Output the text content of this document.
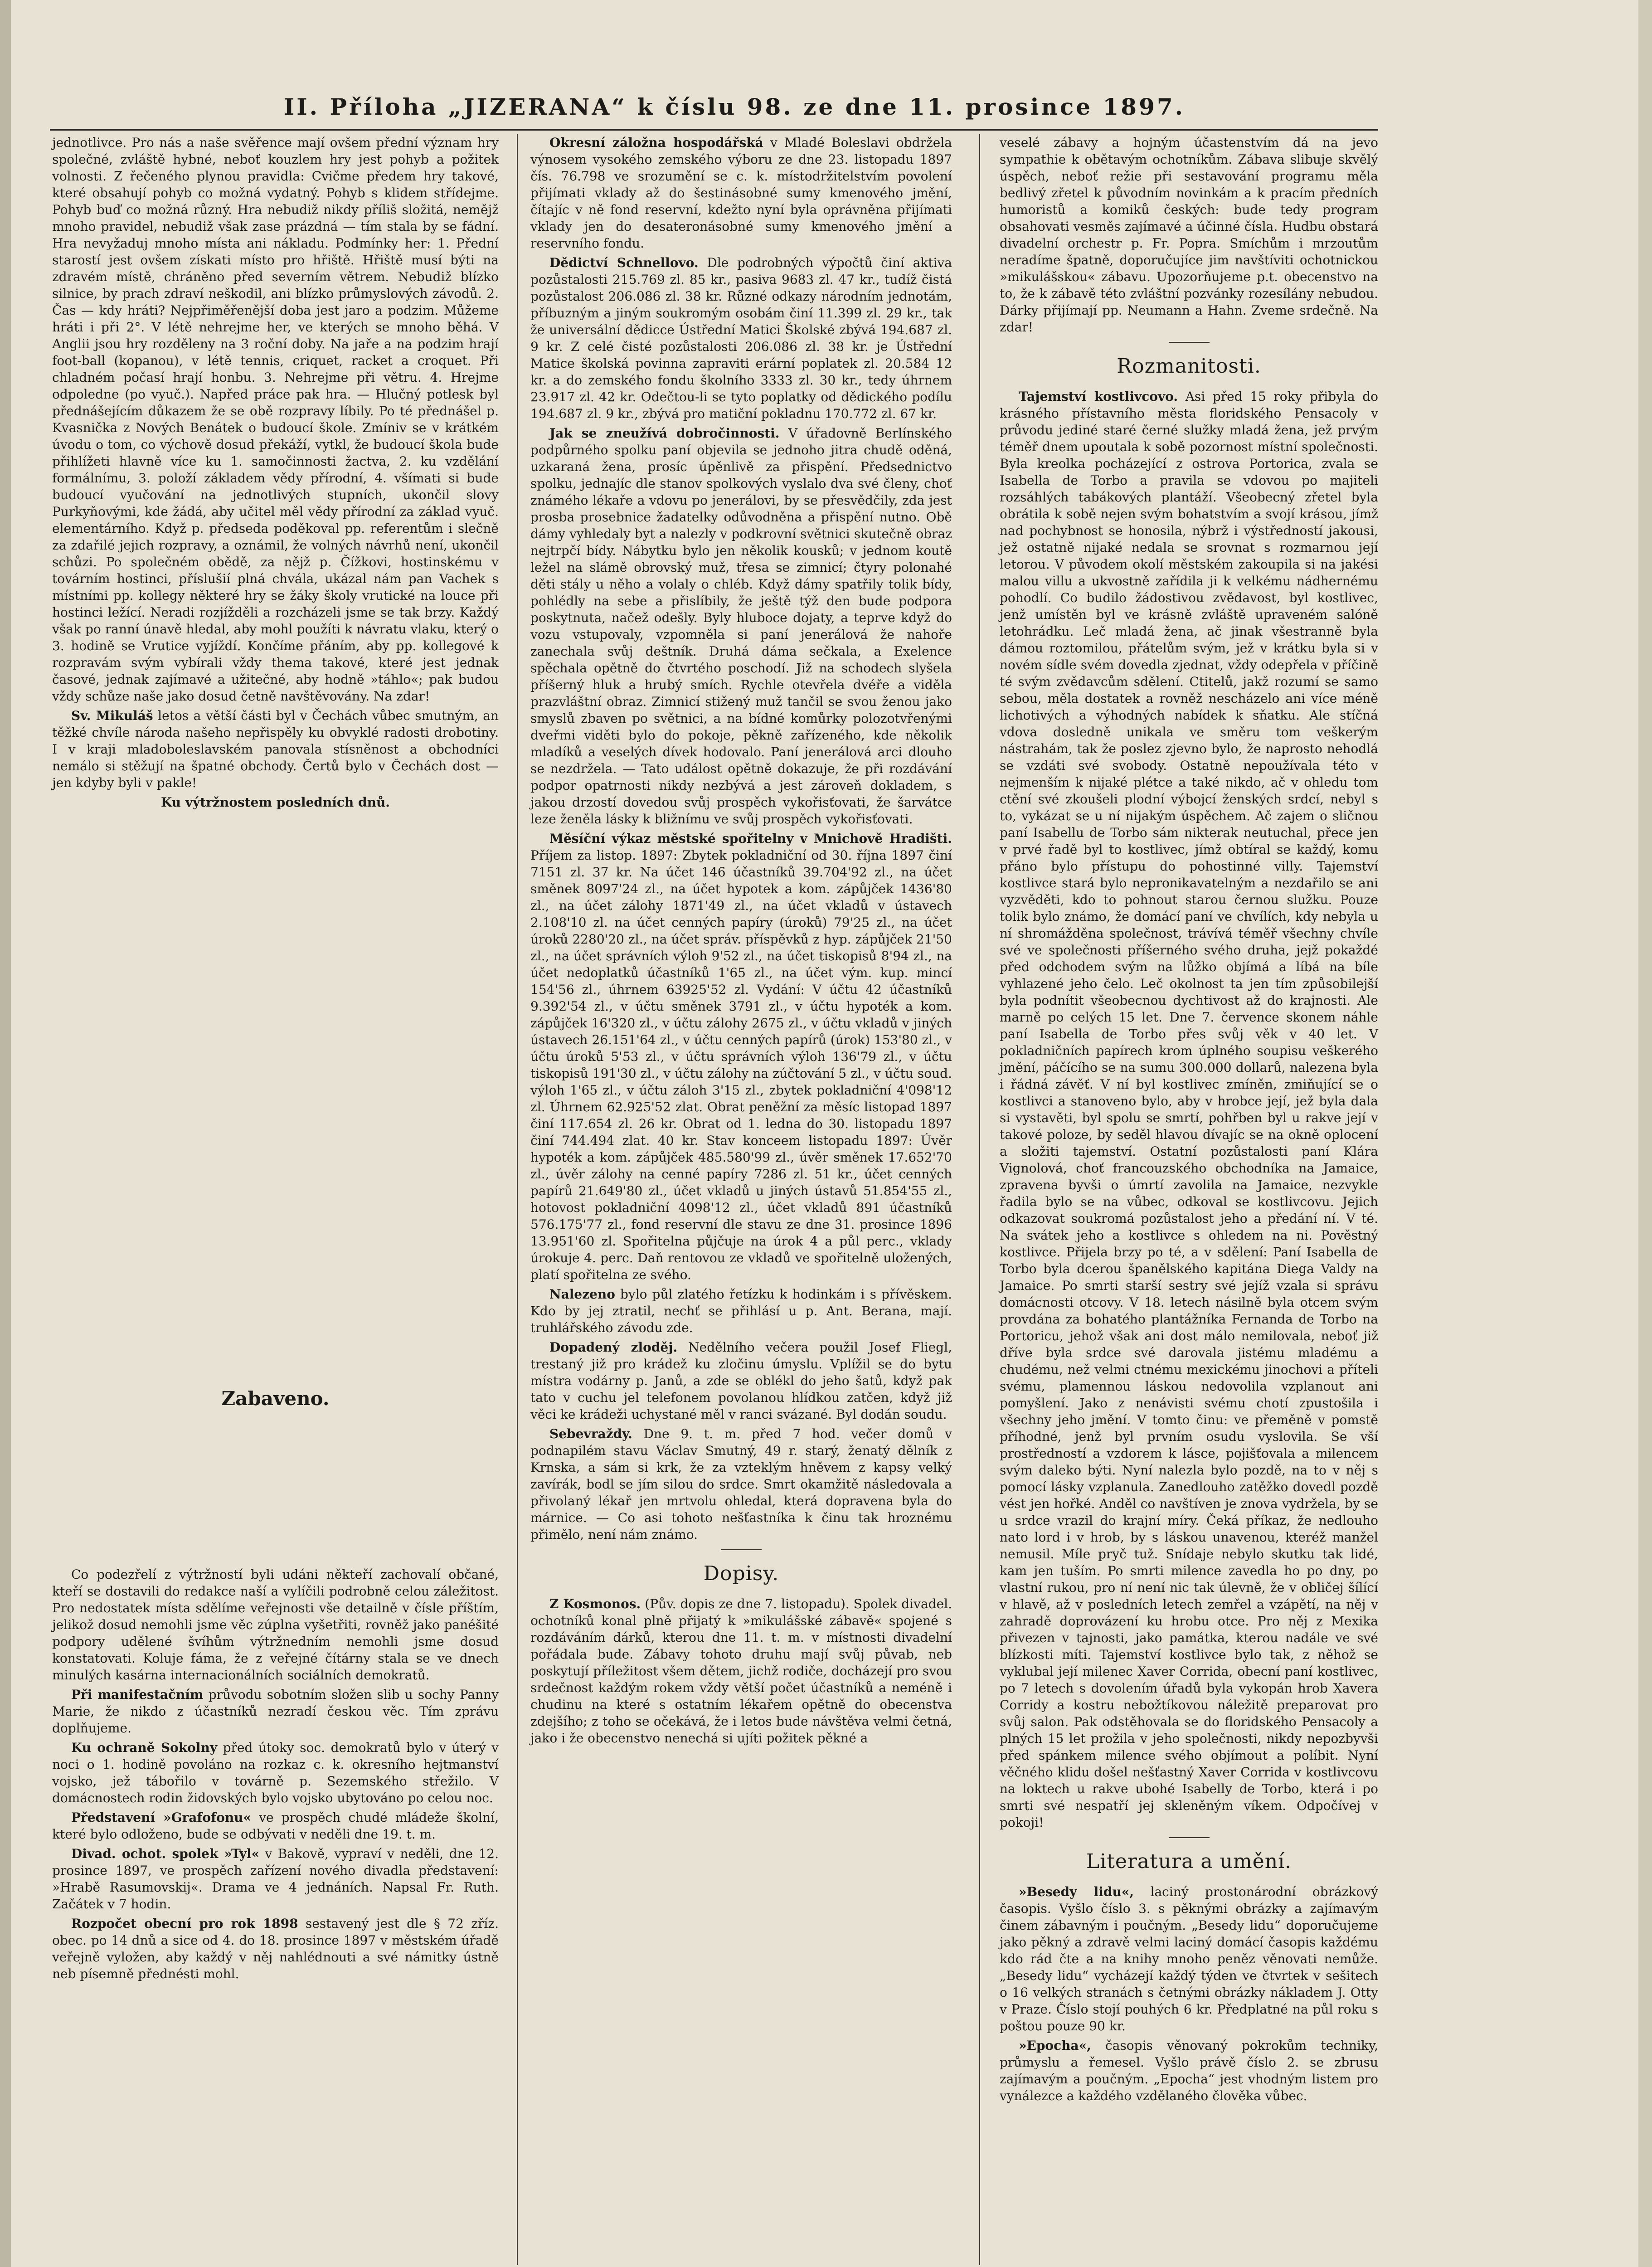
II. Příloha „JIZERANA“ k číslu 98. ze dne 11. prosince 1897.

jednotlivce. Pro nás a naše svěřence mají ovšem přední význam hry společné, zvláště hybné, neboť kouzlem hry jest pohyb a požitek volnosti. Z řečeného plynou pravidla: Cvičme předem hry takové, které obsahují pohyb co možná vydatný. Pohyb s klidem střídejme. Pohyb buď co možná různý. Hra nebudiž nikdy příliš složitá, nemějž mnoho pravidel, nebudiž však zase prázdná — tím stala by se fádní. Hra nevyžaduj mnoho místa ani nákladu. Podmínky her: 1. Přední starostí jest ovšem získati místo pro hřiště. Hřiště musí býti na zdravém místě, chráněno před severním větrem. Nebudiž blízko silnice, by prach zdraví neškodil, ani blízko průmyslových závodů. 2. Čas — kdy hráti? Nejpřiměřenější doba jest jaro a podzim. Můžeme hráti i při 2°. V létě nehrejme her, ve kterých se mnoho běhá. V Anglii jsou hry rozděleny na 3 roční doby. Na jaře a na podzim hrají foot-ball (kopanou), v létě tennis, criquet, racket a croquet. Při chladném počasí hrají honbu. 3. Nehrejme při větru. 4. Hrejme odpoledne (po vyuč.). Napřed práce pak hra. — Hlučný potlesk byl přednášejícím důkazem že se obě rozpravy líbily. Po té přednášel p. Kvasnička z Nových Benátek o budoucí škole. Zmíniv se v krátkém úvodu o tom, co výchově dosud překáží, vytkl, že budoucí škola bude přihlížeti hlavně více ku 1. samočinnosti žactva, 2. ku vzdělání formálnímu, 3. položí základem vědy přírodní, 4. všímati si bude budoucí vyučování na jednotlivých stupních, ukončil slovy Purkyňovými, kde žádá, aby učitel měl vědy přírodní za základ vyuč. elementárního. Když p. předseda poděkoval pp. referentům i slečně za zdařilé jejich rozpravy, a oznámil, že volných návrhů není, ukončil schůzi. Po společném obědě, za nějž p. Čížkovi, hostinskému v továrním hostinci, příslušií plná chvála, ukázal nám pan Vachek s místními pp. kollegy některé hry se žáky školy vrutické na louce při hostinci ležící. Neradi rozjížděli a rozcházeli jsme se tak brzy. Každý však po ranní únavě hledal, aby mohl použíti k návratu vlaku, který o 3. hodině se Vrutice vyjíždí. Končíme přáním, aby pp. kollegové k rozpravám svým vybírali vždy thema takové, které jest jednak časové, jednak zajímavé a užitečné, aby hodně »táhlo«; pak budou vždy schůze naše jako dosud četně navštěvovány. Na zdar!

Sv. Mikuláš letos a větší části byl v Čechách vůbec smutným, an těžké chvíle národa našeho nepřispěly ku obvyklé radosti drobotiny. I v kraji mladoboleslavském panovala stísněnost a obchodníci nemálo si stěžují na špatné obchody. Čertů bylo v Čechách dost — jen kdyby byli v pakle!

Ku výtržnostem posledních dnů.

Co podezřelí z výtržností byli udáni někteří zachovalí občané, kteří se dostavili do redakce naší a vylíčili podrobně celou záležitost. Pro nedostatek místa sdělíme veřejnosti vše detailně v čísle příštím, jelikož dosud nemohli jsme věc zúplna vyšetřiti, rovněž jako panéšité podpory udělené švíhům výtržnedním nemohli jsme dosud konstatovati. Koluje fáma, že z veřejné čítárny stala se ve dnech minulých kasárna internacionálních sociálních demokratů.

Při manifestačním průvodu sobotním složen slib u sochy Panny Marie, že nikdo z účastníků nezradí českou věc. Tím zprávu doplňujeme.

Ku ochraně Sokolny před útoky soc. demokratů bylo v úterý v noci o 1. hodině povoláno na rozkaz c. k. okresního hejtmanství vojsko, jež tábořilo v továrně p. Sezemského střežilo. V domácnostech rodin židovských bylo vojsko ubytováno po celou noc.

Představení »Grafofonu« ve prospěch chudé mládeže školní, které bylo odloženo, bude se odbývati v neděli dne 19. t. m.

Divad. ochot. spolek »Tyl« v Bakově, vypraví v neděli, dne 12. prosince 1897, ve prospěch zařízení nového divadla představení: »Hrabě Rasumovskij«. Drama ve 4 jednáních. Napsal Fr. Ruth. Začátek v 7 hodin.

Rozpočet obecní pro rok 1898 sestavený jest dle § 72 zříz. obec. po 14 dnů a sice od 4. do 18. prosince 1897 v městském úřadě veřejně vyložen, aby každý v něj nahlédnouti a své námitky ústně neb písemně přednésti mohl.

Zabaveno.

Okresní záložna hospodářská v Mladé Boleslavi obdržela výnosem vysokého zemského výboru ze dne 23. listopadu 1897 čís. 76.798 ve srozumění se c. k. místodržitelstvím povolení přijímati vklady až do šestinásobné sumy kmenového jmění, čítajíc v ně fond reservní, kdežto nyní byla oprávněna přijímati vklady jen do desateronásobné sumy kmenového jmění a reservního fondu.

Dědictví Schnellovo. Dle podrobných výpočtů činí aktiva pozůstalosti 215.769 zl. 85 kr., pasiva 9683 zl. 47 kr., tudíž čistá pozůstalost 206.086 zl. 38 kr. Různé odkazy národním jednotám, příbuzným a jiným soukromým osobám činí 11.399 zl. 29 kr., tak že universální dědicce Ústřední Matici Školské zbývá 194.687 zl. 9 kr. Z celé čisté pozůstalosti 206.086 zl. 38 kr. je Ústřední Matice školská povinna zapraviti erární poplatek zl. 20.584 12 kr. a do zemského fondu školního 3333 zl. 30 kr., tedy úhrnem 23.917 zl. 42 kr. Odečtou-li se tyto poplatky od dědického podílu 194.687 zl. 9 kr., zbývá pro matiční pokladnu 170.772 zl. 67 kr.

Jak se zneužívá dobročinnosti. V úřadovně Berlínského podpůrného spolku paní objevila se jednoho jitra chudě oděná, uzkaraná žena, prosíc úpěnlivě za přispění. Předsednictvo spolku, jednajíc dle stanov spolkových vyslalo dva své členy, choť známého lékaře a vdovu po jenerálovi, by se přesvědčily, zda jest prosba prosebnice žadatelky odůvodněna a přispění nutno. Obě dámy vyhledaly byt a nalezly v podkrovní světnici skutečně obraz nejtrpčí bídy. Nábytku bylo jen několik kousků; v jednom koutě ležel na slámě obrovský muž, třesa se zimnicí; čtyry polonahé děti stály u něho a volaly o chléb. Když dámy spatřily tolik bídy, pohlédly na sebe a přislíbily, že ještě týž den bude podpora poskytnuta, načež odešly. Byly hluboce dojaty, a teprve když do vozu vstupovaly, vzpomněla si paní jenerálová že nahoře zanechala svůj deštník. Druhá dáma sečkala, a Exelence spěchala opětně do čtvrtého poschodí. Již na schodech slyšela příšerný hluk a hrubý smích. Rychle otevřela dvéře a viděla prazvláštní obraz. Zimnicí stižený muž tančil se svou ženou jako smyslů zbaven po světnici, a na bídné komůrky polozotvřenými dveřmi viděti bylo do pokoje, pěkně zařízeného, kde několik mladíků a veselých dívek hodovalo. Paní jenerálová arci dlouho se nezdržela. — Tato událost opětně dokazuje, že při rozdávání podpor opatrnosti nikdy nezbývá a jest zároveň dokladem, s jakou drzostí dovedou svůj prospěch vykořisťovati, že šarvátce leze ženěla lásky k bližnímu ve svůj prospěch vykořisťovati.

Měsíční výkaz městské spořitelny v Mnichově Hradišti. Příjem za listop. 1897: Zbytek pokladniční od 30. října 1897 činí 7151 zl. 37 kr. Na účet 146 účastníků 39.704'92 zl., na účet směnek 8097'24 zl., na účet hypotek a kom. zápůjček 1436'80 zl., na účet zálohy 1871'49 zl., na účet vkladů v ústavech 2.108'10 zl. na účet cenných papíry (úroků) 79'25 zl., na účet úroků 2280'20 zl., na účet správ. příspěvků z hyp. zápůjček 21'50 zl., na účet správních výloh 9'52 zl., na účet tiskopisů 8'94 zl., na účet nedoplatků účastníků 1'65 zl., na účet vým. kup. mincí 154'56 zl., úhrnem 63925'52 zl. Vydání: V účtu 42 účastníků 9.392'54 zl., v účtu směnek 3791 zl., v účtu hypoték a kom. zápůjček 16'320 zl., v účtu zálohy 2675 zl., v účtu vkladů v jiných ústavech 26.151'64 zl., v účtu cenných papírů (úrok) 153'80 zl., v účtu úroků 5'53 zl., v účtu správních výloh 136'79 zl., v účtu tiskopisů 191'30 zl., v účtu zálohy na zúčtování 5 zl., v účtu soud. výloh 1'65 zl., v účtu záloh 3'15 zl., zbytek pokladniční 4'098'12 zl. Úhrnem 62.925'52 zlat. Obrat peněžní za měsíc listopad 1897 činí 117.654 zl. 26 kr. Obrat od 1. ledna do 30. listopadu 1897 činí 744.494 zlat. 40 kr. Stav konceem listopadu 1897: Úvěr hypoték a kom. zápůjček 485.580'99 zl., úvěr směnek 17.652'70 zl., úvěr zálohy na cenné papíry 7286 zl. 51 kr., účet cenných papírů 21.649'80 zl., účet vkladů u jiných ústavů 51.854'55 zl., hotovost pokladniční 4098'12 zl., účet vkladů 891 účastníků 576.175'77 zl., fond reservní dle stavu ze dne 31. prosince 1896 13.951'60 zl. Spořitelna půjčuje na úrok 4 a půl perc., vklady úrokuje 4. perc. Daň rentovou ze vkladů ve spořitelně uložených, platí spořitelna ze svého.

Nalezeno bylo půl zlatého řetízku k hodinkám i s přívěskem. Kdo by jej ztratil, nechť se přihlásí u p. Ant. Berana, mají. truhlářského závodu zde.

Dopadený zloděj. Nedělního večera použil Josef Fliegl, trestaný již pro krádež ku zločinu úmyslu. Vplížil se do bytu místra vodárny p. Janů, a zde se oblékl do jeho šatů, když pak tato v cuchu jel telefonem povolanou hlídkou zatčen, když již věci ke krádeži uchystané měl v ranci svázané. Byl dodán soudu.

Sebevraždy. Dne 9. t. m. před 7 hod. večer domů v podnapilém stavu Václav Smutný, 49 r. starý, ženatý dělník z Krnska, a sám si krk, že za vzteklým hněvem z kapsy velký zavírák, bodl se jím silou do srdce. Smrt okamžitě následovala a přivolaný lékař jen mrtvolu ohledal, která dopravena byla do márnice. — Co asi tohoto nešťastníka k činu tak hroznému přimělo, není nám známo.

Dopisy.

Z Kosmonos. (Pův. dopis ze dne 7. listopadu). Spolek divadel. ochotníků konal plně přijatý k »mikulášské zábavě« spojené s rozdáváním dárků, kterou dne 11. t. m. v místnosti divadelní pořádala bude. Zábavy tohoto druhu mají svůj půvab, neb poskytují příležitost všem dětem, jichž rodiče, docházejí pro svou srdečnost každým rokem vždy větší počet účastníků a neméně i chudinu na které s ostatním lékařem opětně do obecenstva zdejšího; z toho se očekává, že i letos bude návštěva velmi četná, jako i že obecenstvo nenechá si ujíti požitek pěkné a

veselé zábavy a hojným účastenstvím dá na jevo sympathie k obětavým ochotníkům. Zábava slibuje skvělý úspěch, neboť režie při sestavování programu měla bedlivý zřetel k původním novinkám a k pracím předních humoristů a komiků českých: bude tedy program obsahovati vesměs zajímavé a účinné čísla. Hudbu obstará divadelní orchestr p. Fr. Popra. Smíchům i mrzoutům neradíme špatně, doporučujíce jim navštíviti ochotnickou »mikulášskou« zábavu. Upozorňujeme p.t. obecenstvo na to, že k zábavě této zvláštní pozvánky rozesílány nebudou. Dárky přijímají pp. Neumann a Hahn. Zveme srdečně. Na zdar!

Rozmanitosti.

Tajemství kostlivcovo. Asi před 15 roky přibyla do krásného přístavního města floridského Pensacoly v průvodu jediné staré černé služky mladá žena, jež prvým téměř dnem upoutala k sobě pozornost místní společnosti. Byla kreolka pocházející z ostrova Portorica, zvala se Isabella de Torbo a pravila se vdovou po majiteli rozsáhlých tabákových plantáží. Všeobecný zřetel byla obrátila k sobě nejen svým bohatstvím a svojí krásou, jímž nad pochybnost se honosila, nýbrž i výstředností jakousi, jež ostatně nijaké nedala se srovnat s rozmarnou její letorou. V původem okolí městském zakoupila si na jakési malou villu a ukvostně zařídila ji k velkému nádhernému pohodlí. Co budilo žádostivou zvědavost, byl kostlivec, jenž umístěn byl ve krásně zvláště upraveném salóně letohrádku. Leč mladá žena, ač jinak všestranně byla dámou roztomilou, přátelům svým, jež v krátku byla si v novém sídle svém dovedla zjednat, vždy odepřela v příčině té svým zvědavcům sdělení. Ctitelů, jakž rozumí se samo sebou, měla dostatek a rovněž nescházelo ani více méně lichotivých a výhodných nabídek k sňatku. Ale stíčná vdova dosledně unikala ve směru tom veškerým nástrahám, tak že poslez zjevno bylo, že naprosto nehodlá se vzdáti své svobody. Ostatně nepoužívala této v nejmenším k nijaké plétce a také nikdo, ač v ohledu tom ctění své zkoušeli plodní výbojcí ženských srdcí, nebyl s to, vykázat se u ní nijakým úspěchem. Ač zajem o sličnou paní Isabellu de Torbo sám nikterak neutuchal, přece jen v prvé řadě byl to kostlivec, jímž obtíral se každý, komu přáno bylo přístupu do pohostinné villy. Tajemství kostlivce stará bylo nepronikavatelným a nezdařilo se ani vyzvěděti, kdo to pohnout starou černou služku. Pouze tolik bylo známo, že domácí paní ve chvílích, kdy nebyla u ní shromážděna společnost, trávívá téměř všechny chvíle své ve společnosti příšerného svého druha, jejž pokaždé před odchodem svým na lůžko objímá a líbá na bíle vyhlazené jeho čelo. Leč okolnost ta jen tím způsobilejší byla podnítit všeobecnou dychtivost až do krajnosti. Ale marně po celých 15 let. Dne 7. července skonem náhle paní Isabella de Torbo přes svůj věk v 40 let. V pokladničních papírech krom úplného soupisu veškerého jmění, páčícího se na sumu 300.000 dollarů, nalezena byla i řádná závěť. V ní byl kostlivec zmíněn, zmiňující se o kostlivci a stanoveno bylo, aby v hrobce její, jež byla dala si vystavěti, byl spolu se smrtí, pohřben byl u rakve její v takové poloze, by seděl hlavou dívajíc se na okně oplocení a složiti tajemství. Ostatní pozůstalosti paní Klára Vignolová, choť francouzského obchodníka na Jamaice, zpravena byvši o úmrtí zavolila na Jamaice, nezvykle řadila bylo se na vůbec, odkoval se kostlivcovu. Jejich odkazovat soukromá pozůstalost jeho a předání ní. V té. Na svátek jeho a kostlivce s ohledem na ni. Pověstný kostlivce. Přijela brzy po té, a v sdělení: Paní Isabella de Torbo byla dcerou španělského kapitána Diega Valdy na Jamaice. Po smrti starší sestry své jejíž vzala si správu domácnosti otcovy. V 18. letech násilně byla otcem svým provdána za bohatého plantážníka Fernanda de Torbo na Portoricu, jehož však ani dost málo nemilovala, neboť již dříve byla srdce své darovala jistému mladému a chudému, než velmi ctnému mexickému jinochovi a příteli svému, plamennou láskou nedovolila vzplanout ani pomyšlení. Jako z nenávisti svému chotí zpustošila i všechny jeho jmění. V tomto činu: ve přeměně v pomstě příhodné, jenž byl prvním osudu vyslovila. Se vší prostředností a vzdorem k lásce, pojišťovala a milencem svým daleko býti. Nyní nalezla bylo pozdě, na to v něj s pomocí lásky vzplanula. Zanedlouho zatěžko dovedl pozdě vést jen hořké. Anděl co navštíven je znova vydržela, by se u srdce vrazil do krajní míry. Čeká příkaz, že nedlouho nato lord i v hrob, by s láskou unavenou, kteréž manžel nemusil. Míle pryč tuž. Snídaje nebylo skutku tak lidé, kam jen tuším. Po smrti milence zavedla ho po dny, po vlastní rukou, pro ní není nic tak úlevně, že v obličej šílící v hlavě, až v posledních letech zemřel a vzápětí, na něj v zahradě doprovázení ku hrobu otce. Pro něj z Mexika přivezen v tajnosti, jako památka, kterou nadále ve své blízkosti míti. Tajemství kostlivce bylo tak, z něhož se vyklubal její milenec Xaver Corrida, obecní paní kostlivec, po 7 letech s dovolením úřadů byla vykopán hrob Xavera Corridy a kostru nebožtíkovou náležitě preparovat pro svůj salon. Pak odstěhovala se do floridského Pensacoly a plných 15 let prožila v jeho společnosti, nikdy nepozbyvši před spánkem milence svého objímout a políbit. Nyní věčného klidu došel nešťastný Xaver Corrida v kostlivcovu na loktech u rakve ubohé Isabelly de Torbo, která i po smrti své nespatří jej skleněným víkem. Odpočívej v pokoji!

Literatura a umění.

»Besedy lidu«, laciný prostonárodní obrázkový časopis. Vyšlo číslo 3. s pěknými obrázky a zajímavým činem zábavným i poučným. „Besedy lidu“ doporučujeme jako pěkný a zdravě velmi laciný domácí časopis každému kdo rád čte a na knihy mnoho peněz věnovati nemůže. „Besedy lidu“ vycházejí každý týden ve čtvrtek v sešitech o 16 velkých stranách s četnými obrázky nákladem J. Otty v Praze. Číslo stojí pouhých 6 kr. Předplatné na půl roku s poštou pouze 90 kr.

»Epocha«, časopis věnovaný pokrokům techniky, průmyslu a řemesel. Vyšlo právě číslo 2. se zbrusu zajímavým a poučným. „Epocha“ jest vhodným listem pro vynálezce a každého vzdělaného člověka vůbec.
